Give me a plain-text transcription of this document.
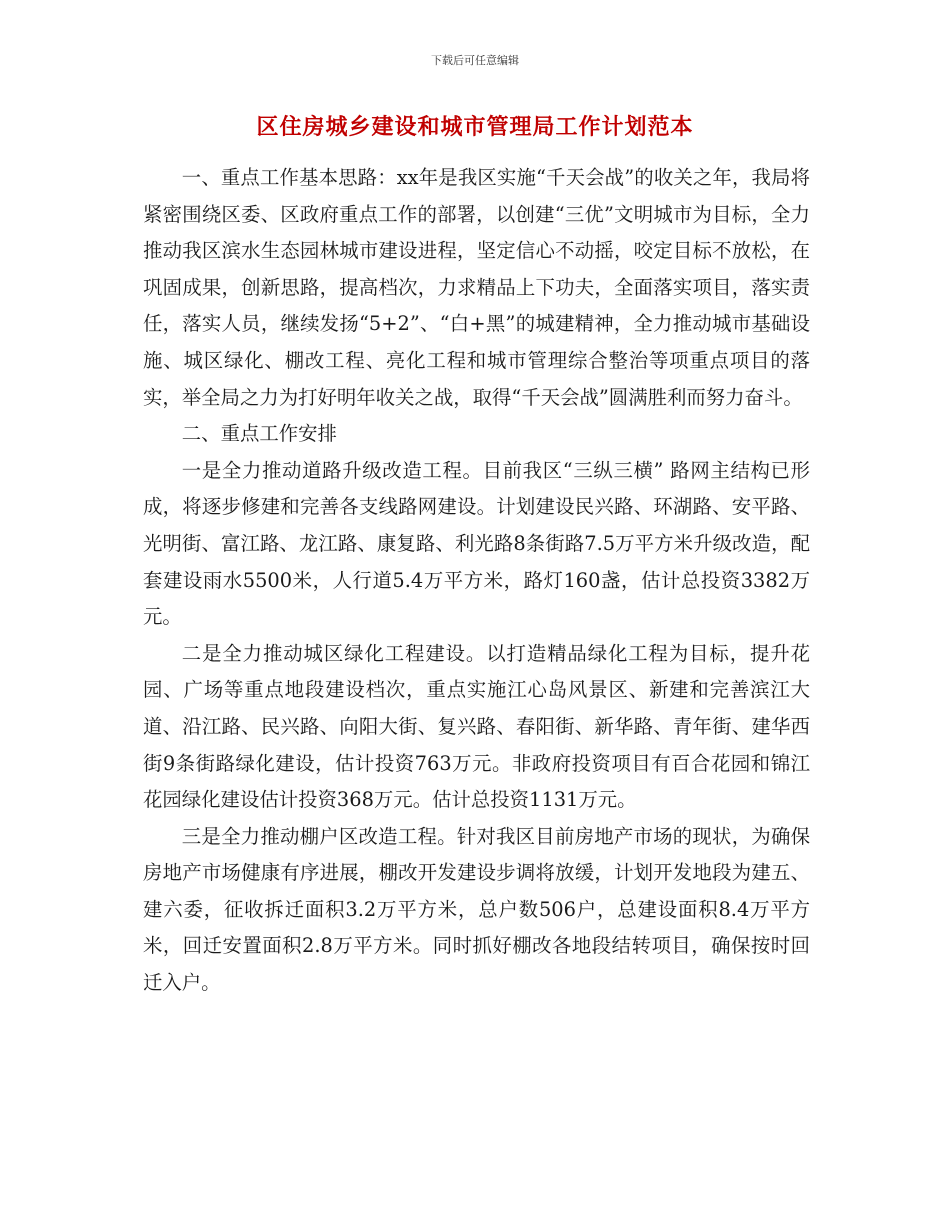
下载后可任意编辑
区住房城乡建设和城市管理局工作计划范本

一、重点工作基本思路：xx年是我区实施“千天会战”的收关之年，我局将紧密围绕区委、区政府重点工作的部署，以创建“三优”文明城市为目标，全力推动我区滨水生态园林城市建设进程，坚定信心不动摇，咬定目标不放松，在巩固成果，创新思路，提高档次，力求精品上下功夫，全面落实项目，落实责任，落实人员，继续发扬“5+2”、“白+黑”的城建精神，全力推动城市基础设施、城区绿化、棚改工程、亮化工程和城市管理综合整治等项重点项目的落实，举全局之力为打好明年收关之战，取得“千天会战”圆满胜利而努力奋斗。

二、重点工作安排

一是全力推动道路升级改造工程。目前我区“三纵三横” 路网主结构已形成，将逐步修建和完善各支线路网建设。计划建设民兴路、环湖路、安平路、光明街、富江路、龙江路、康复路、利光路8条街路7.5万平方米升级改造，配套建设雨水5500米，人行道5.4万平方米，路灯160盏，估计总投资3382万元。

二是全力推动城区绿化工程建设。以打造精品绿化工程为目标，提升花园、广场等重点地段建设档次，重点实施江心岛风景区、新建和完善滨江大道、沿江路、民兴路、向阳大街、复兴路、春阳街、新华路、青年街、建华西街9条街路绿化建设，估计投资763万元。非政府投资项目有百合花园和锦江花园绿化建设估计投资368万元。估计总投资1131万元。

三是全力推动棚户区改造工程。针对我区目前房地产市场的现状，为确保房地产市场健康有序进展，棚改开发建设步调将放缓，计划开发地段为建五、建六委，征收拆迁面积3.2万平方米，总户数506户，总建设面积8.4万平方米，回迁安置面积2.8万平方米。同时抓好棚改各地段结转项目，确保按时回迁入户。
